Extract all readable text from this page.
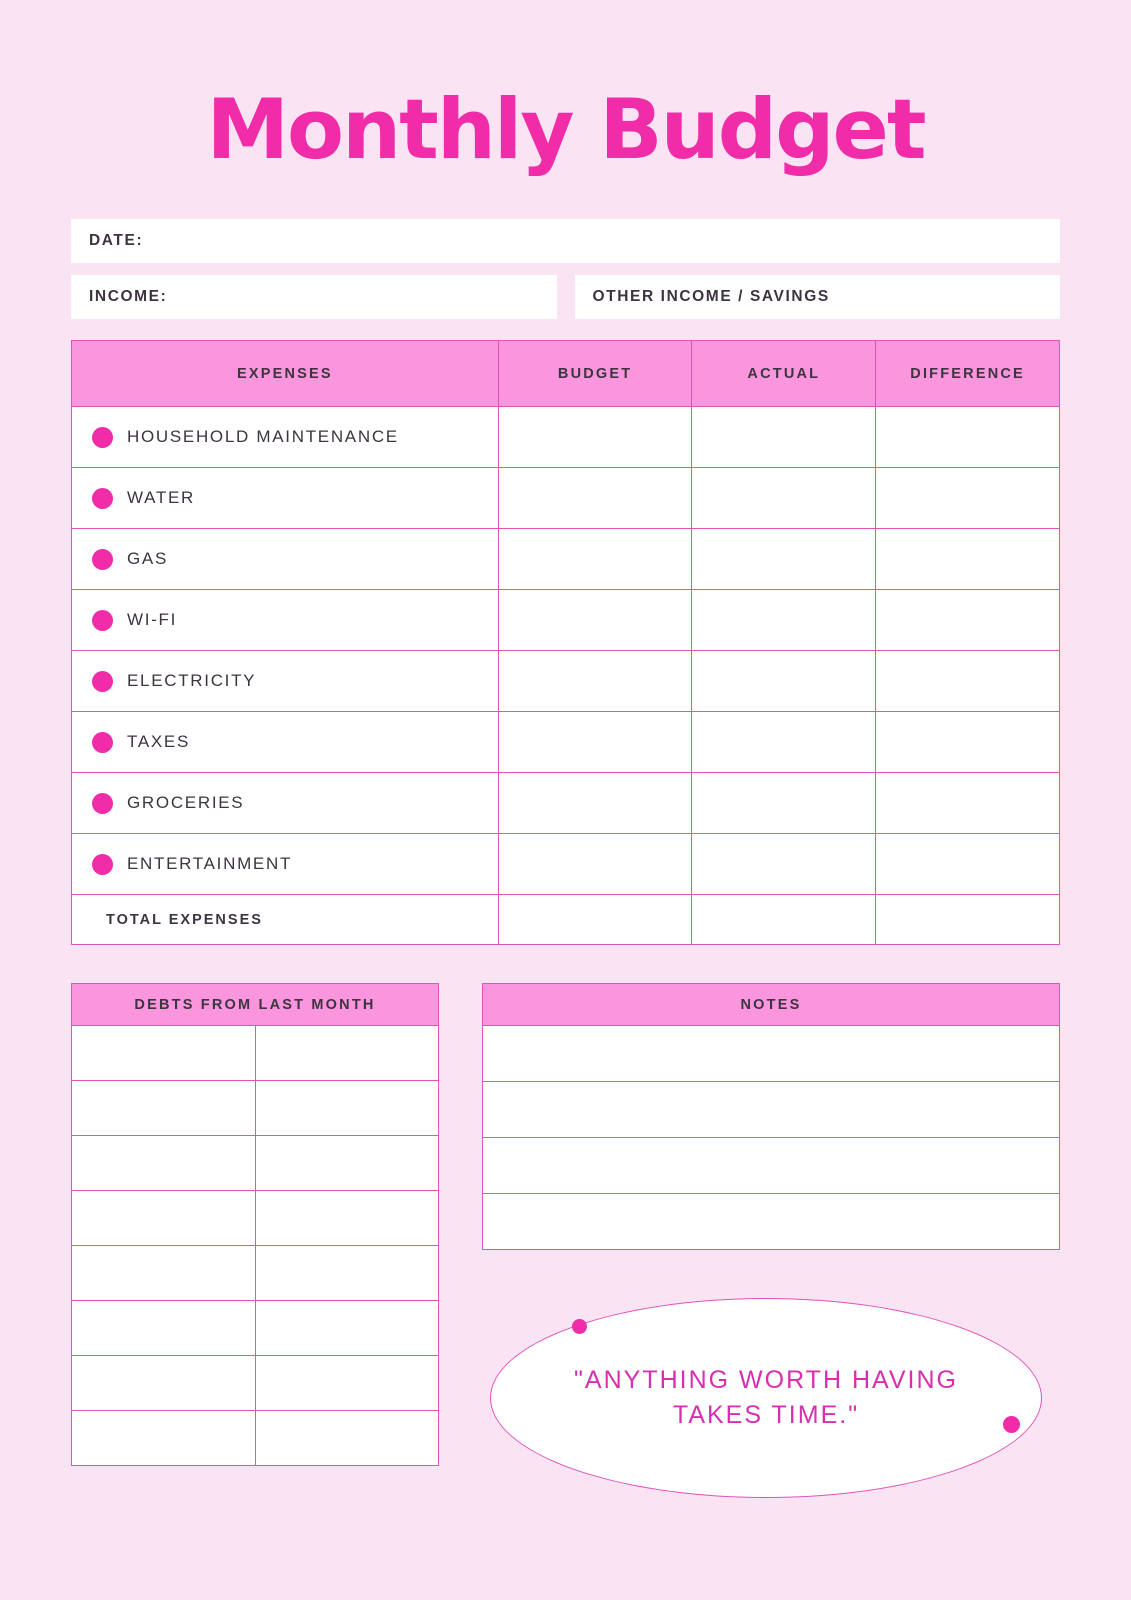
Monthly Budget
DATE:
INCOME:	OTHER INCOME / SAVINGS
EXPENSES	BUDGET	ACTUAL	DIFFERENCE

HOUSEHOLD MAINTENANCE			

WATER			

GAS			

WI-FI			

ELECTRICITY			

TAXES			

GROCERIES			

ENTERTAINMENT			

TOTAL EXPENSES			
DEBTS FROM LAST MONTH	

		NOTES

"ANYTHING WORTH HAVING TAKES TIME."
